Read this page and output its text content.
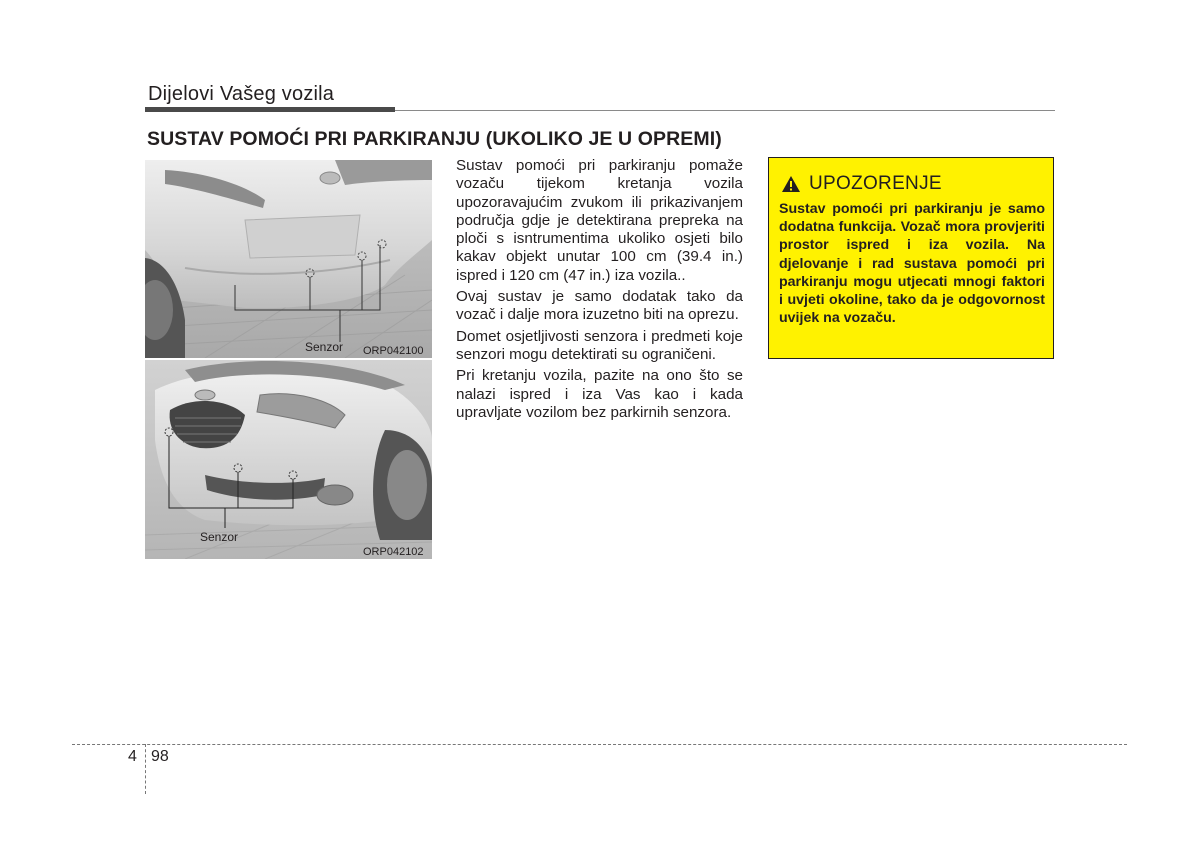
Dijelovi Vašeg vozila
SUSTAV POMOĆI PRI PARKIRANJU (UKOLIKO JE U OPREMI)
Senzor ORP042100
Senzor
ORP042102

Sustav pomoći pri parkiranju pomaže vozaču tijekom kretanja vozila upozoravajućim zvukom ili prikazivanjem područja gdje je detektirana prepreka na ploči s isntrumentima ukoliko osjeti bilo kakav objekt unutar 100 cm (39.4 in.) ispred i 120 cm (47 in.) iza vozila..

Ovaj sustav je samo dodatak tako da vozač i dalje mora izuzetno biti na oprezu.

Domet osjetljivosti senzora i predmeti koje senzori mogu detektirati su ograničeni.

Pri kretanju vozila, pazite na ono što se nalazi ispred i iza Vas kao i kada upravljate vozilom bez parkirnih senzora.

UPOZORENJE
Sustav pomoći pri parkiranju je samo dodatna funkcija. Vozač mora provjeriti prostor ispred i iza vozila. Na djelovanje i rad sustava pomoći pri parkiranju mogu utjecati mnogi faktori i uvjeti okoline, tako da je odgovornost uvijek na vozaču.
4 98
